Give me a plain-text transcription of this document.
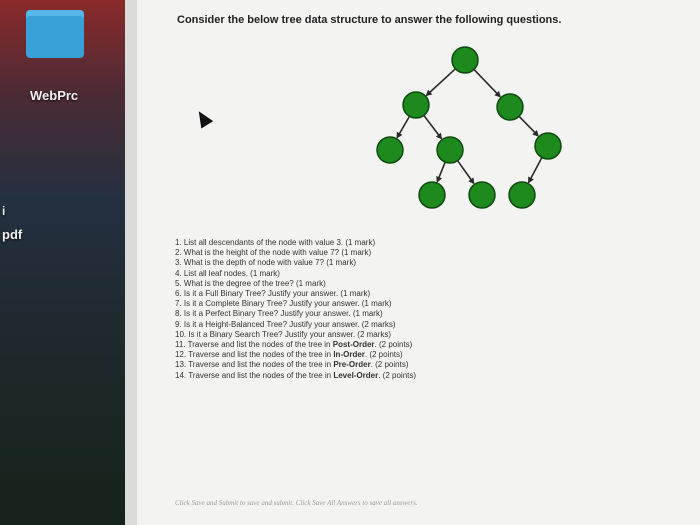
WebPrc
i
pdf
Consider the below tree data structure to answer the following questions.
1. List all descendants of the node with value 3. (1 mark)
2. What is the height of the node with value 7? (1 mark)
3. What is the depth of node with value 7? (1 mark)
4. List all leaf nodes. (1 mark)
5. What is the degree of the tree? (1 mark)
6. Is it a Full Binary Tree? Justify your answer. (1 mark)
7. Is it a Complete Binary Tree? Justify your answer. (1 mark)
8. Is it a Perfect Binary Tree? Justify your answer. (1 mark)
9. Is it a Height-Balanced Tree? Justify your answer. (2 marks)
10. Is it a Binary Search Tree? Justify your answer. (2 marks)
11. Traverse and list the nodes of the tree in Post-Order. (2 points)
12. Traverse and list the nodes of the tree in In-Order. (2 points)
13. Traverse and list the nodes of the tree in Pre-Order. (2 points)
14. Traverse and list the nodes of the tree in Level-Order. (2 points)
Click Save and Submit to save and submit. Click Save All Answers to save all answers.
